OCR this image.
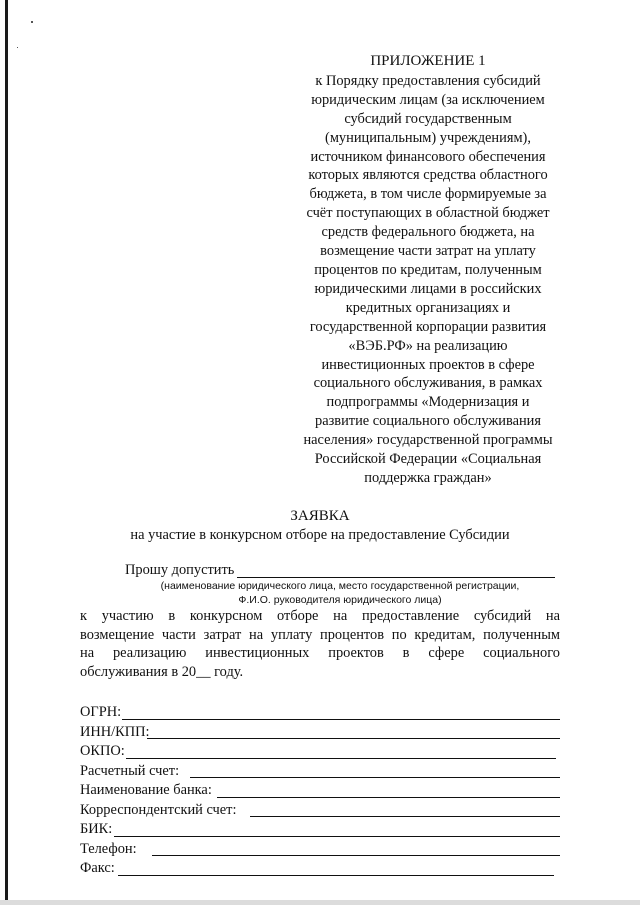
ПРИЛОЖЕНИЕ 1
к Порядку предоставления субсидий
юридическим лицам (за исключением
субсидий государственным
(муниципальным) учреждениям),
источником финансового обеспечения
которых являются средства областного
бюджета, в том числе формируемые за
счёт поступающих в областной бюджет
средств федерального бюджета, на
возмещение части затрат на уплату
процентов по кредитам, полученным
юридическими лицами в российских
кредитных организациях и
государственной корпорации развития
«ВЭБ.РФ» на реализацию
инвестиционных проектов в сфере
социального обслуживания, в рамках
подпрограммы «Модернизация и
развитие социального обслуживания
населения» государственной программы
Российской Федерации «Социальная
поддержка граждан»
ЗАЯВКА
на участие в конкурсном отборе на предоставление Субсидии
Прошу допустить
(наименование юридического лица, место государственной регистрации,
Ф.И.О. руководителя юридического лица)
к участию в конкурсном отборе на предоставление субсидий на
возмещение части затрат на уплату процентов по кредитам, полученным
на реализацию инвестиционных проектов в сфере социального
обслуживания в 20__ году.
ОГРН:
ИНН/КПП:
ОКПО:
Расчетный счет:
Наименование банка:
Корреспондентский счет:
БИК:
Телефон:
Факс:
